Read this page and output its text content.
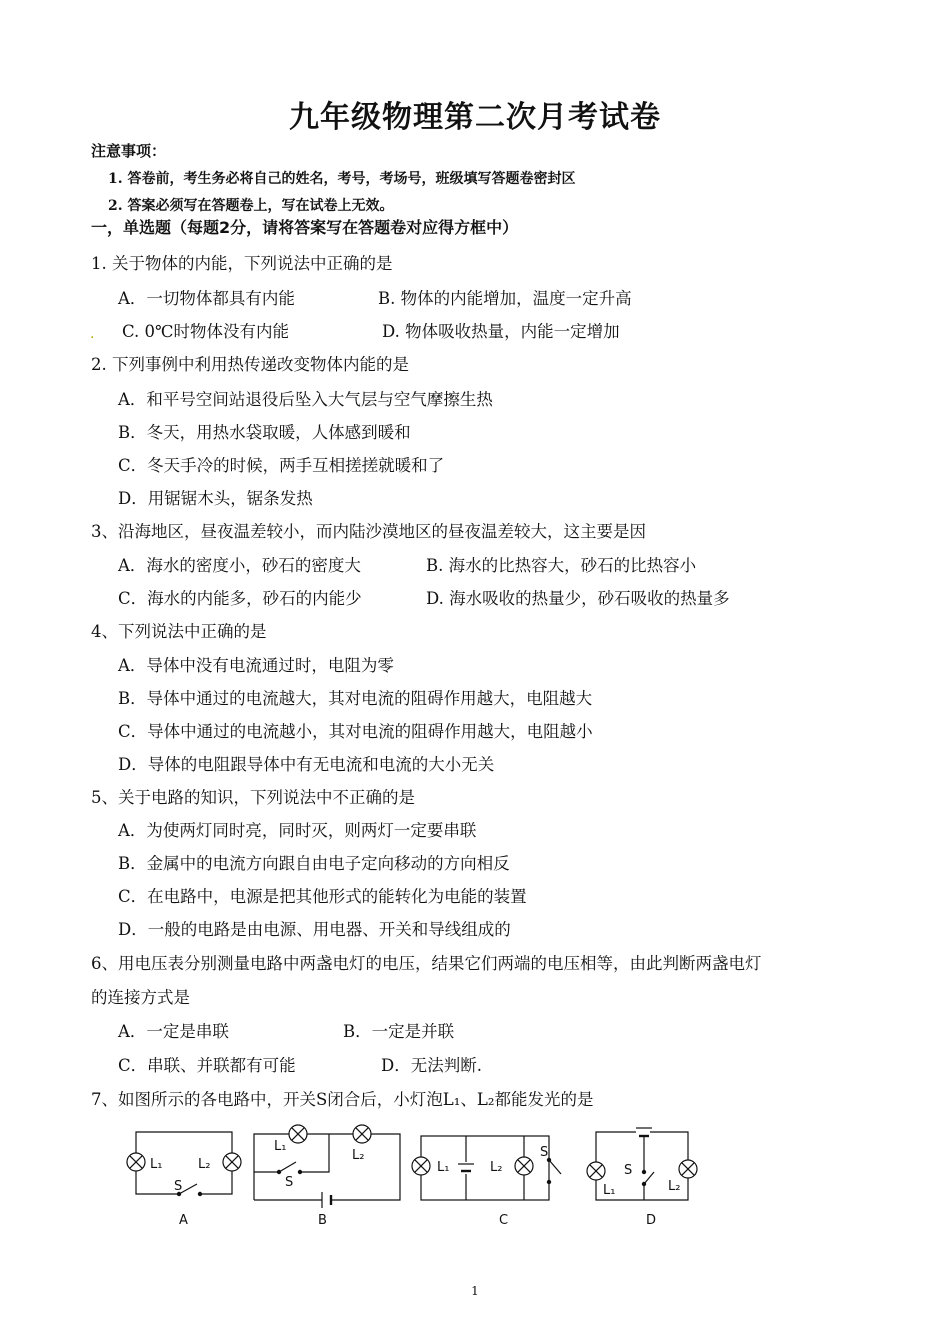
九年级物理第二次月考试卷
注意事项：
1. 答卷前，考生务必将自己的姓名，考号，考场号，班级填写答题卷密封区
2. 答案必须写在答题卷上，写在试卷上无效。
一，单选题（每题2分，请将答案写在答题卷对应得方框中）
1. 关于物体的内能，下列说法中正确的是
A．一切物体都具有内能	B. 物体的内能增加，温度一定升高
. C. 0℃时物体没有内能	D. 物体吸收热量，内能一定增加
2. 下列事例中利用热传递改变物体内能的是
A．和平号空间站退役后坠入大气层与空气摩擦生热
B．冬天，用热水袋取暖，人体感到暖和
C．冬天手冷的时候，两手互相搓搓就暖和了
D．用锯锯木头，锯条发热
3、沿海地区，昼夜温差较小，而内陆沙漠地区的昼夜温差较大，这主要是因
A．海水的密度小，砂石的密度大	B. 海水的比热容大，砂石的比热容小
C．海水的内能多，砂石的内能少	D. 海水吸收的热量少，砂石吸收的热量多
4、下列说法中正确的是
A．导体中没有电流通过时，电阻为零
B．导体中通过的电流越大，其对电流的阻碍作用越大，电阻越大
C．导体中通过的电流越小，其对电流的阻碍作用越大，电阻越小
D．导体的电阻跟导体中有无电流和电流的大小无关
5、关于电路的知识，下列说法中不正确的是
A．为使两灯同时亮，同时灭，则两灯一定要串联
B．金属中的电流方向跟自由电子定向移动的方向相反
C．在电路中，电源是把其他形式的能转化为电能的装置
D．一般的电路是由电源、用电器、开关和导线组成的
6、用电压表分别测量电路中两盏电灯的电压，结果它们两端的电压相等，由此判断两盏电灯
的连接方式是
A．一定是串联	B．一定是并联
C．串联、并联都有可能	D．无法判断.
7、如图所示的各电路中，开关S闭合后，小灯泡L₁、L₂都能发光的是
L₁	L₂
S
L₁
L₂
S
L₁	L₂
S
S
L₁	L₂
A	B	C	D
1
